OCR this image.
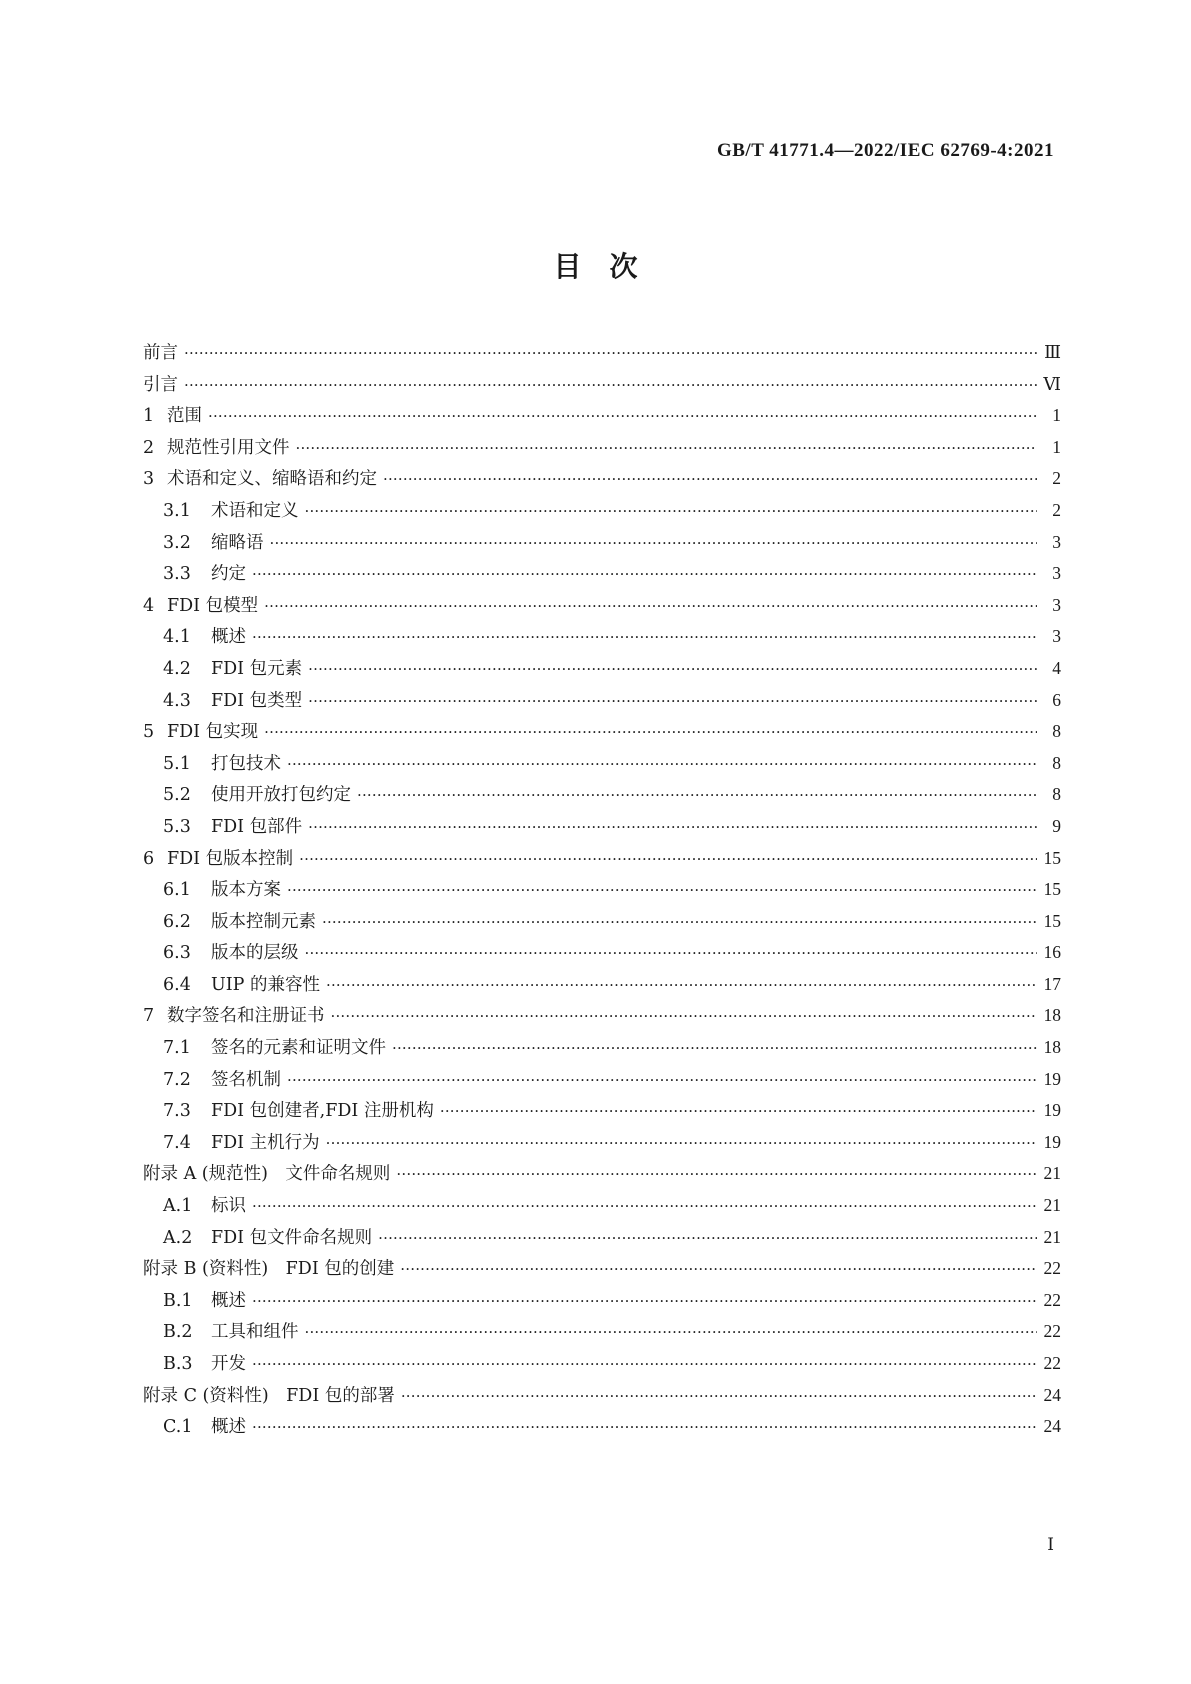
GB/T 41771.4—2022/IEC 62769-4:2021
目　次
前言 ·····	Ⅲ
引言 ·····	Ⅵ
1 范围 ·····	1
2 规范性引用文件 ·····	1
3 术语和定义、缩略语和约定 ·····	2
3.1	术语和定义 ·····	2
3.2	缩略语 ·····	3
3.3	约定 ·····	3
4 FDI 包模型 ·····	3
4.1	概述 ·····	3
4.2	FDI 包元素 ·····	4
4.3	FDI 包类型 ·····	6
5 FDI 包实现 ·····	8
5.1	打包技术 ·····	8
5.2	使用开放打包约定 ·····	8
5.3	FDI 包部件 ·····	9
6 FDI 包版本控制 ·····	15
6.1	版本方案 ·····	15
6.2	版本控制元素 ·····	15
6.3	版本的层级 ·····	16
6.4	UIP 的兼容性 ·····	17
7 数字签名和注册证书 ·····	18
7.1	签名的元素和证明文件 ·····	18
7.2	签名机制 ·····	19
7.3	FDI 包创建者,FDI 注册机构 ·····	19
7.4	FDI 主机行为 ·····	19
附录 A (规范性)　文件命名规则 ·····	21
A.1	标识 ·····	21
A.2	FDI 包文件命名规则 ·····	21
附录 B (资料性)　FDI 包的创建 ·····	22
B.1	概述 ·····	22
B.2	工具和组件 ·····	22
B.3	开发 ·····	22
附录 C (资料性)　FDI 包的部署 ·····	24
C.1	概述 ·····	24
Ⅰ
